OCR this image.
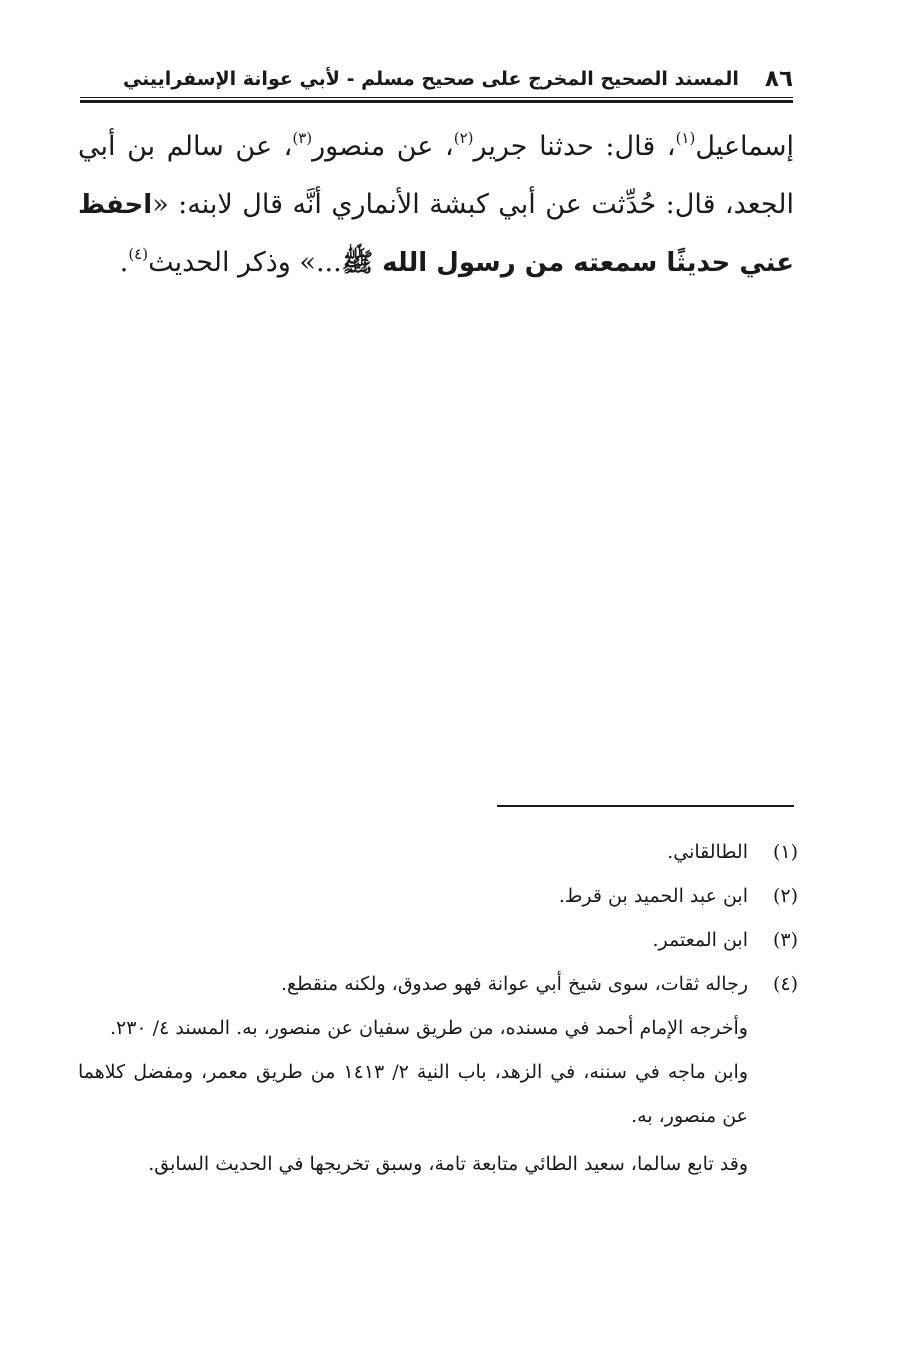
٨٦
المسند الصحيح المخرج على صحيح مسلم - لأبي عوانة الإسفراييني

إسماعيل$^{(١)}$، قال: حدثنا جرير$^{(٢)}$، عن منصور$^{(٣)}$، عن سالم بن أبي الجعد، قال: حُدِّثت عن أبي كبشة الأنماري أنَّه قال لابنه: «احفظ عني حديثًا سمعته من رسول الله ﷺ...» وذكر الحديث$^{(٤)}$.

(١)
الطالقاني.
(٢)
ابن عبد الحميد بن قرط.
(٣)
ابن المعتمر.
(٤)
رجاله ثقات، سوى شيخ أبي عوانة فهو صدوق، ولكنه منقطع.
وأخرجه الإمام أحمد في مسنده، من طريق سفيان عن منصور، به. المسند ٤/ ٢٣٠.
وابن ماجه في سننه، في الزهد، باب النية ٢/ ١٤١٣ من طريق معمر، ومفضل كلاهما عن منصور، به.
وقد تابع سالما، سعيد الطائي متابعة تامة، وسبق تخريجها في الحديث السابق.
